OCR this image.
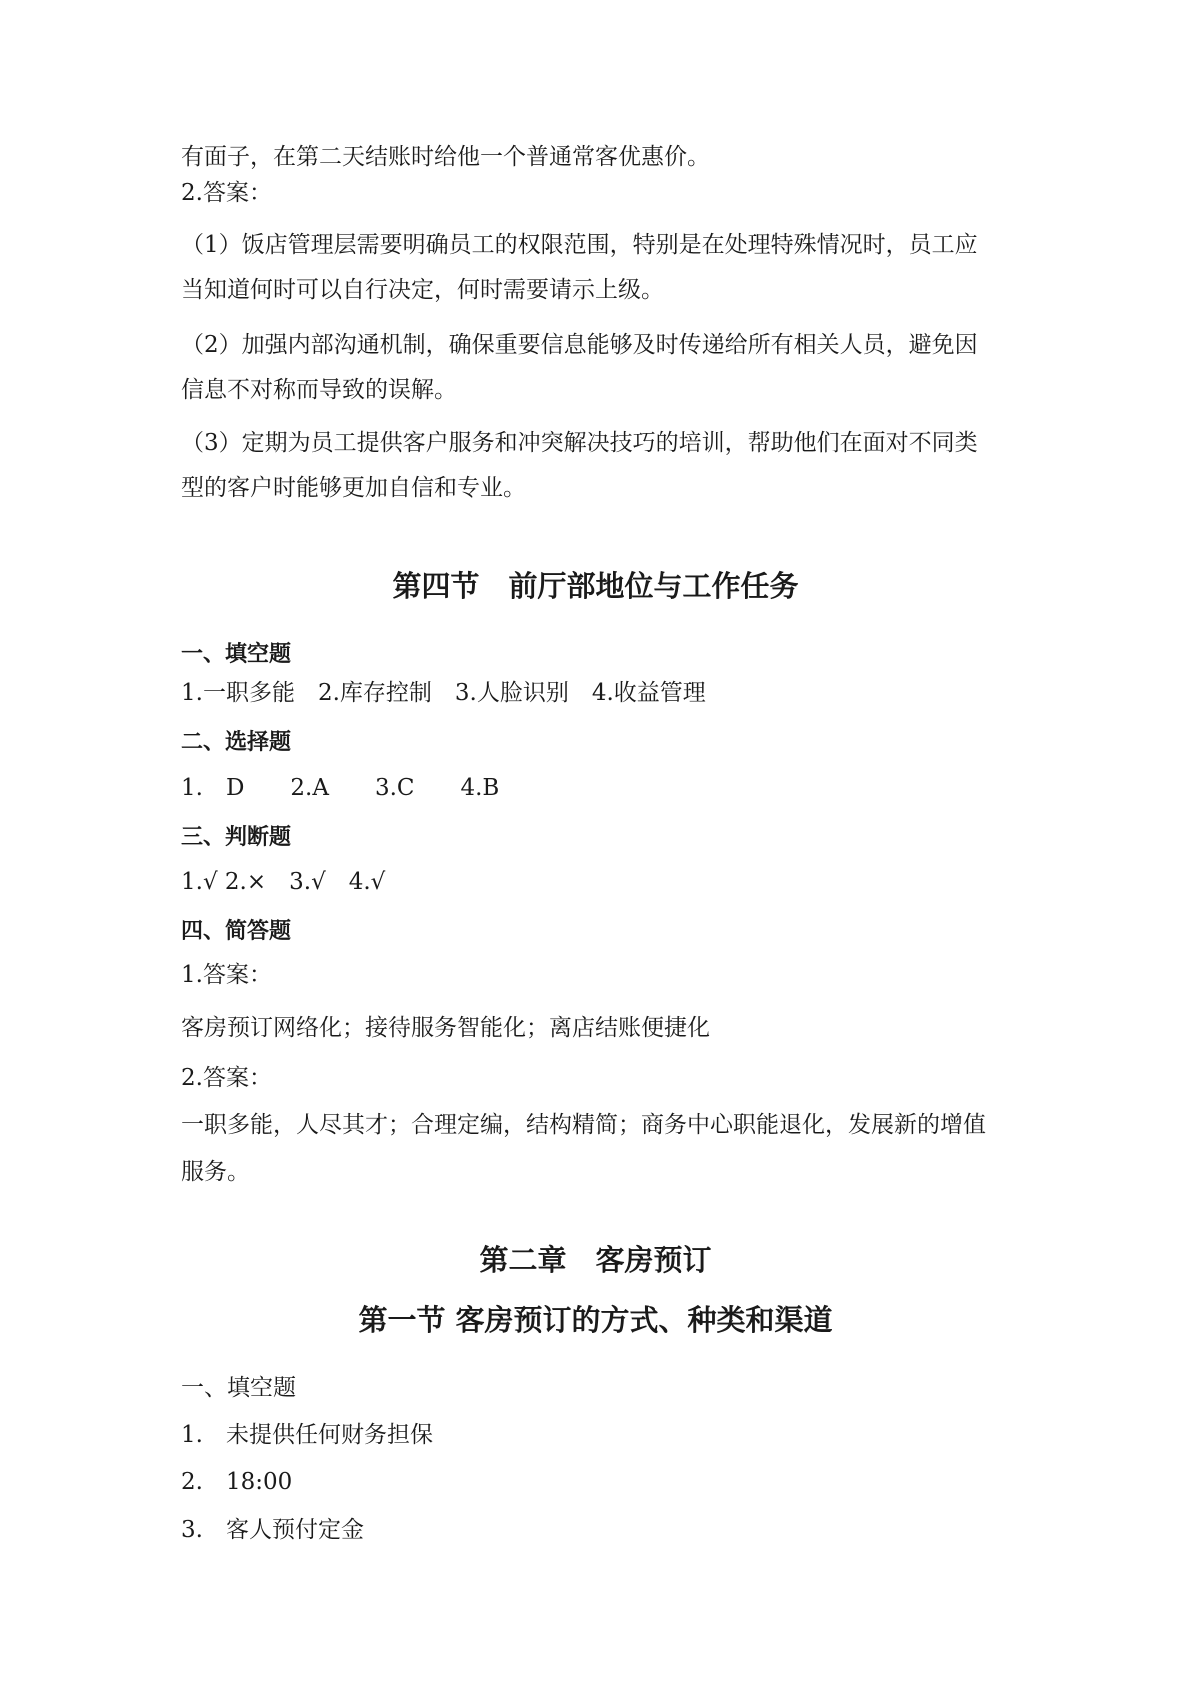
有面子，在第二天结账时给他一个普通常客优惠价。
2.答案：
（1）饭店管理层需要明确员工的权限范围，特别是在处理特殊情况时，员工应
当知道何时可以自行决定，何时需要请示上级。
（2）加强内部沟通机制，确保重要信息能够及时传递给所有相关人员，避免因
信息不对称而导致的误解。
（3）定期为员工提供客户服务和冲突解决技巧的培训，帮助他们在面对不同类
型的客户时能够更加自信和专业。
第四节　前厅部地位与工作任务
一、填空题
1.一职多能　2.库存控制　3.人脸识别　4.收益管理
二、选择题
1.　D　　2.A　　3.C　　4.B
三、判断题
1.√ 2.×　3.√　4.√
四、简答题
1.答案：
客房预订网络化；接待服务智能化；离店结账便捷化
2.答案：
一职多能，人尽其才；合理定编，结构精简；商务中心职能退化，发展新的增值
服务。
第二章　客房预订
第一节 客房预订的方式、种类和渠道
一、填空题
1.　未提供任何财务担保
2.　18:00
3.　客人预付定金
